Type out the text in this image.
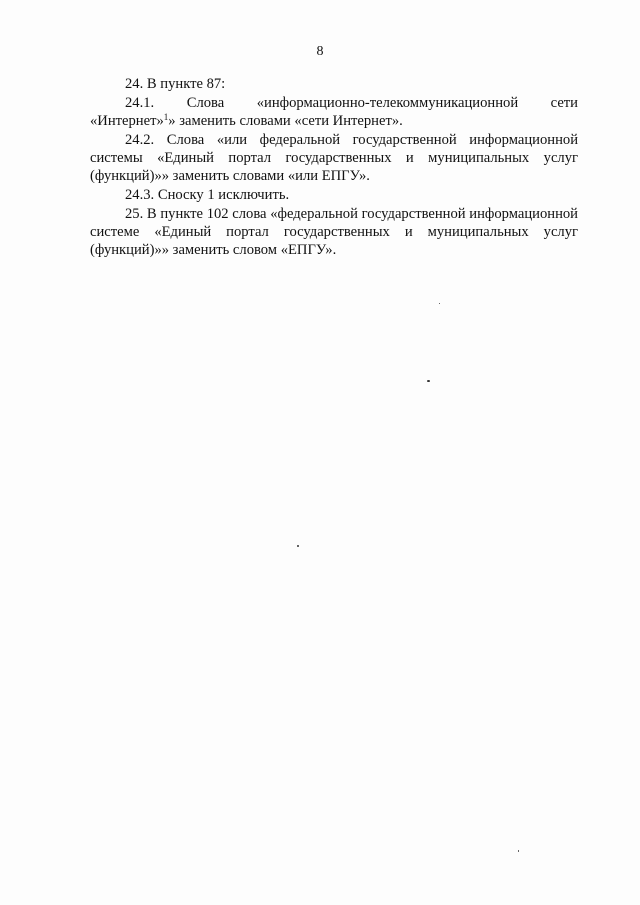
8

24. В пункте 87:

24.1. Слова «информационно-телекоммуникационной сети «Интернет»$^1$» заменить словами «сети Интернет».

24.2. Слова «или федеральной государственной информационной системы «Единый портал государственных и муниципальных услуг (функций)»» заменить словами «или ЕПГУ».

24.3. Сноску 1 исключить.

25. В пункте 102 слова «федеральной государственной информационной системе «Единый портал государственных и муниципальных услуг (функций)»» заменить словом «ЕПГУ».
